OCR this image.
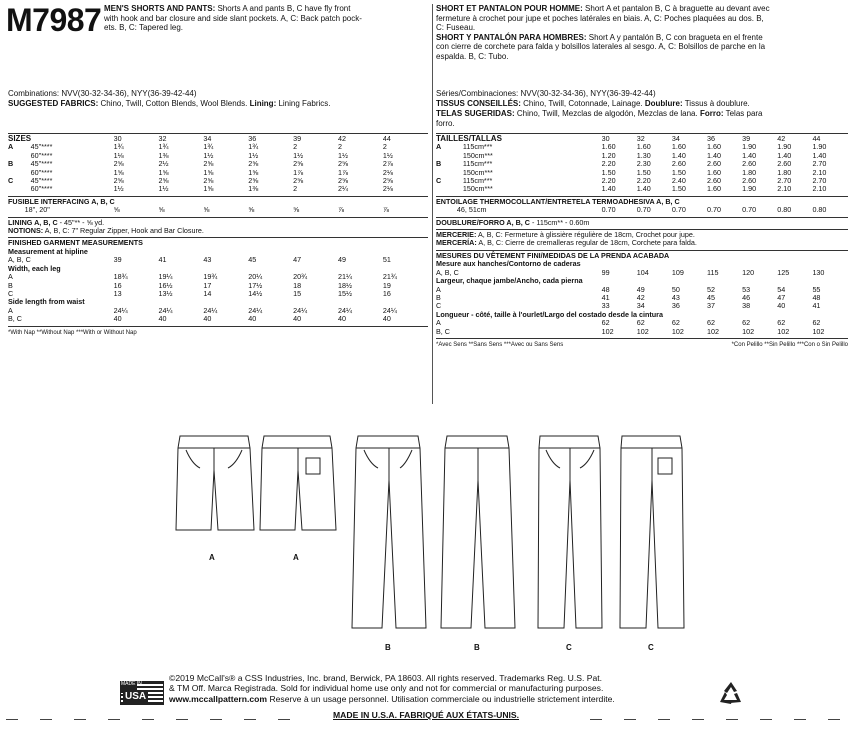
M7987 MEN'S SHORTS AND PANTS: Shorts A and pants B, C have fly front
with hook and bar closure and side slant pockets. A, C: Back patch pock-
ets. B, C: Tapered leg.
SHORT ET PANTALON POUR HOMME: Short A et pantalon B, C à braguette au devant avec
fermeture à crochet pour jupe et poches latérales en biais. A, C: Poches plaquées au dos. B,
C: Fuseau.
SHORT Y PANTALÓN PARA HOMBRES: Short A y pantalón B, C con bragueta en el frente
con cierre de corchete para falda y bolsillos laterales al sesgo. A, C: Bolsillos de parche en la
espalda. B, C: Tubo.
Combinations: NVV(30-32-34-36), NYY(36-39-42-44)
SUGGESTED FABRICS: Chino, Twill, Cotton Blends, Wool Blends. Lining: Lining Fabrics.
Séries/Combinaciones: NVV(30-32-34-36), NYY(36-39-42-44)
TISSUS CONSEILLÉS: Chino, Twill, Cotonnade, Lainage. Doublure: Tissus à doublure.
TELAS SUGERIDAS: Chino, Twill, Mezclas de algodón, Mezclas de lana. Forro: Telas para
forro.

SIZES		30	32	34	36	39	42	44
A	45"****	1¾	1¾	1¾	1¾	2	2	2
	60"****	1⅛	1⅜	1½	1½	1½	1½	1½
B	45"****	2⅝	2½	2⅝	2⅝	2⅝	2⅝	2⅞
	60"****	1⅝	1⅝	1⅝	1⅝	1⅞	1⅞	2⅛
C	45"****	2⅝	2⅝	2⅝	2⅝	2⅝	2⅝	2⅝
	60"****	1½	1½	1⅝	1⅜	2	2¼	2⅛

FUSIBLE INTERFACING A, B, C								
	18", 20"	⅝	⅝	⅝	⅝	⅝	⅞	⅞

LINING A, B, C - 45"** - ⅝ yd.								
NOTIONS: A, B, C: 7" Regular Zipper, Hook and Bar Closure.								

FINISHED GARMENT MEASUREMENTS								
Measurement at hipline								
A, B, C		39	41	43	45	47	49	51
Width, each leg								
A		18¾	19¼	19¾	20¼	20¾	21¼	21¾
B		16	16½	17	17½	18	18½	19
C		13	13½	14	14½	15	15½	16
Side length from waist								
A		24¼	24¼	24¼	24¼	24¼	24¼	24¼
B, C		40	40	40	40	40	40	40

*With Nap **Without Nap ***With or Without Nap								

TAILLES/TALLAS		30	32	34	36	39	42	44
A	115cm***	1.60	1.60	1.60	1.60	1.90	1.90	1.90
	150cm***	1.20	1.30	1.40	1.40	1.40	1.40	1.40
B	115cm***	2.20	2.30	2.60	2.60	2.60	2.60	2.70
	150cm***	1.50	1.50	1.50	1.60	1.80	1.80	2.10
C	115cm***	2.20	2.20	2.40	2.60	2.60	2.70	2.70
	150cm***	1.40	1.40	1.50	1.60	1.90	2.10	2.10

ENTOILAGE THERMOCOLLANT/ENTRETELA TERMOADHESIVA A, B, C								
	46, 51cm	0.70	0.70	0.70	0.70	0.70	0.80	0.80

DOUBLURE/FORRO A, B, C - 115cm** - 0.60m								

MERCERIE: A, B, C: Fermeture à glissière régulière de 18cm, Crochet pour jupe.								
MERCERÍA: A, B, C: Cierre de cremalleras regular de 18cm, Corchete para falda.								

MESURES DU VÊTEMENT FINI/MEDIDAS DE LA PRENDA ACABADA								
Mesure aux hanches/Contorno de caderas								
A, B, C		99	104	109	115	120	125	130
Largeur, chaque jambe/Ancho, cada pierna								
A		48	49	50	52	53	54	55
B		41	42	43	45	46	47	48
C		33	34	36	37	38	40	41
Longueur - côté, taille à l'ourlet/Largo del costado desde la cintura								
A		62	62	62	62	62	62	62
B, C		102	102	102	102	102	102	102

*Avec Sens **Sans Sens ***Avec ou Sans Sens *Con Pelillo **Sin Pelillo ***Con o Sin Pelillo								
A	A
B	B	C	C
USA
MADE IN
©2019 McCall's® a CSS Industries, Inc. brand, Berwick, PA 18603. All rights reserved. Trademarks Reg. U.S. Pat.
& TM Off. Marca Registrada. Sold for individual home use only and not for commercial or manufacturing purposes.
www.mccallpattern.com Reserve à un usage personnel. Utilisation commerciale ou industrielle strictement interdite.
MADE IN U.S.A. FABRIQUÉ AUX ÉTATS-UNIS.
